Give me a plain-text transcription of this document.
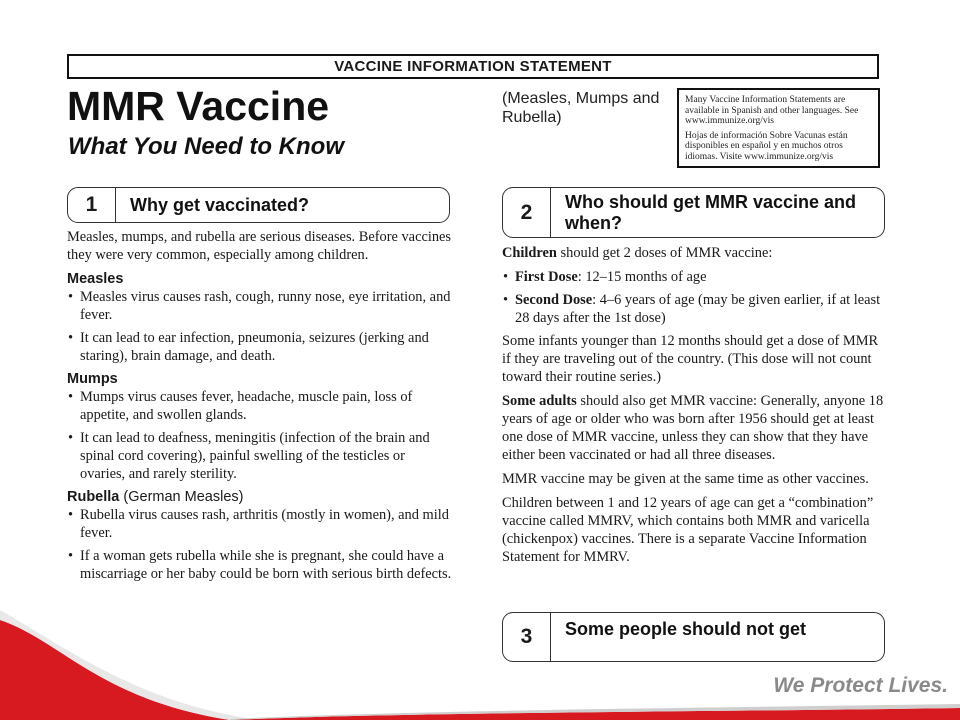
VACCINE INFORMATION STATEMENT
MMR Vaccine
What You Need to Know
(Measles, Mumps and Rubella)

Many Vaccine Information Statements are available in Spanish and other languages. See www.immunize.org/vis

Hojas de información Sobre Vacunas están disponibles en español y en muchos otros idiomas. Visite www.immunize.org/vis

1	Why get vaccinated?

Measles, mumps, and rubella are serious diseases. Before vaccines they were very common, especially among children.

Measles
• Measles virus causes rash, cough, runny nose, eye irritation, and fever.
• It can lead to ear infection, pneumonia, seizures (jerking and staring), brain damage, and death.
Mumps
• Mumps virus causes fever, headache, muscle pain, loss of appetite, and swollen glands.
• It can lead to deafness, meningitis (infection of the brain and spinal cord covering), painful swelling of the testicles or ovaries, and rarely sterility.
Rubella (German Measles)
• Rubella virus causes rash, arthritis (mostly in women), and mild fever.
• If a woman gets rubella while she is pregnant, she could have a miscarriage or her baby could be born with serious birth defects.
2	Who should get MMR vaccine and when?

Children should get 2 doses of MMR vaccine:

• First Dose: 12–15 months of age
• Second Dose: 4–6 years of age (may be given earlier, if at least 28 days after the 1st dose)

Some infants younger than 12 months should get a dose of MMR if they are traveling out of the country. (This dose will not count toward their routine series.)

Some adults should also get MMR vaccine: Generally, anyone 18 years of age or older who was born after 1956 should get at least one dose of MMR vaccine, unless they can show that they have either been vaccinated or had all three diseases.

MMR vaccine may be given at the same time as other vaccines.

Children between 1 and 12 years of age can get a “combination” vaccine called MMRV, which contains both MMR and varicella (chickenpox) vaccines. There is a separate Vaccine Information Statement for MMRV.

3	Some people should not get
We Protect Lives.
